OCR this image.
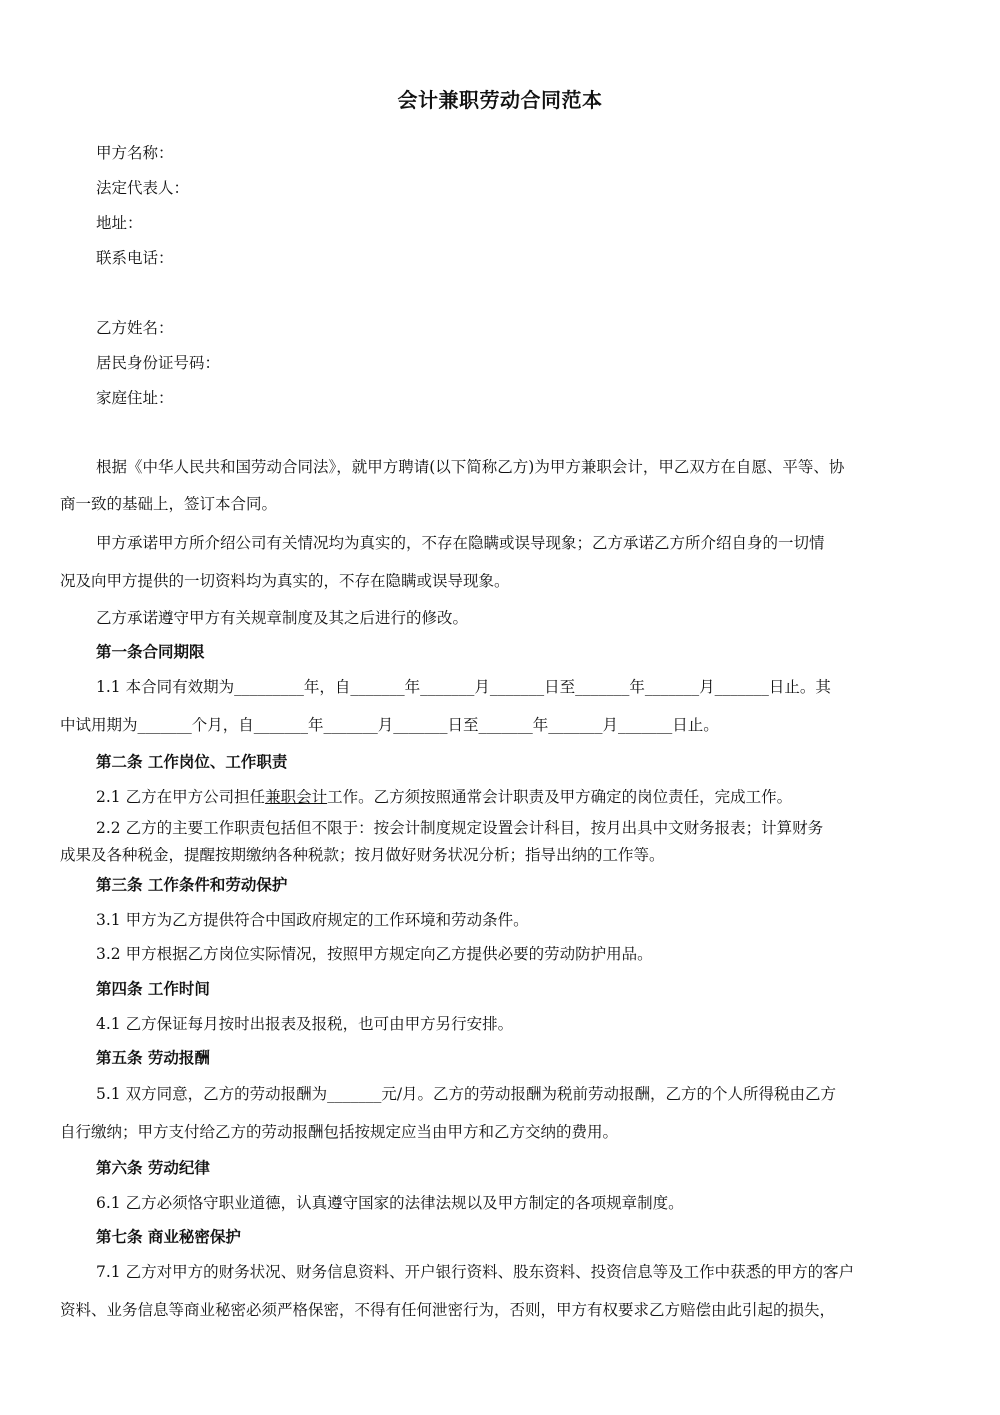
会计兼职劳动合同范本
甲方名称：
法定代表人：
地址：
联系电话：
乙方姓名：
居民身份证号码：
家庭住址：
根据《中华人民共和国劳动合同法》，就甲方聘请(以下简称乙方)为甲方兼职会计，甲乙双方在自愿、平等、协
商一致的基础上，签订本合同。
甲方承诺甲方所介绍公司有关情况均为真实的，不存在隐瞒或误导现象；乙方承诺乙方所介绍自身的一切情
况及向甲方提供的一切资料均为真实的，不存在隐瞒或误导现象。
乙方承诺遵守甲方有关规章制度及其之后进行的修改。
第一条合同期限
1.1 本合同有效期为_________年，自_______年_______月_______日至_______年_______月_______日止。其
中试用期为_______个月，自_______年_______月_______日至_______年_______月_______日止。
第二条 工作岗位、工作职责
2.1 乙方在甲方公司担任兼职会计工作。乙方须按照通常会计职责及甲方确定的岗位责任，完成工作。
2.2 乙方的主要工作职责包括但不限于：按会计制度规定设置会计科目，按月出具中文财务报表；计算财务
成果及各种税金，提醒按期缴纳各种税款；按月做好财务状况分析；指导出纳的工作等。
第三条 工作条件和劳动保护
3.1 甲方为乙方提供符合中国政府规定的工作环境和劳动条件。
3.2 甲方根据乙方岗位实际情况，按照甲方规定向乙方提供必要的劳动防护用品。
第四条 工作时间
4.1 乙方保证每月按时出报表及报税，也可由甲方另行安排。
第五条 劳动报酬
5.1 双方同意，乙方的劳动报酬为_______元/月。乙方的劳动报酬为税前劳动报酬，乙方的个人所得税由乙方
自行缴纳；甲方支付给乙方的劳动报酬包括按规定应当由甲方和乙方交纳的费用。
第六条 劳动纪律
6.1 乙方必须恪守职业道德，认真遵守国家的法律法规以及甲方制定的各项规章制度。
第七条 商业秘密保护
7.1 乙方对甲方的财务状况、财务信息资料、开户银行资料、股东资料、投资信息等及工作中获悉的甲方的客户
资料、业务信息等商业秘密必须严格保密，不得有任何泄密行为，否则，甲方有权要求乙方赔偿由此引起的损失，
